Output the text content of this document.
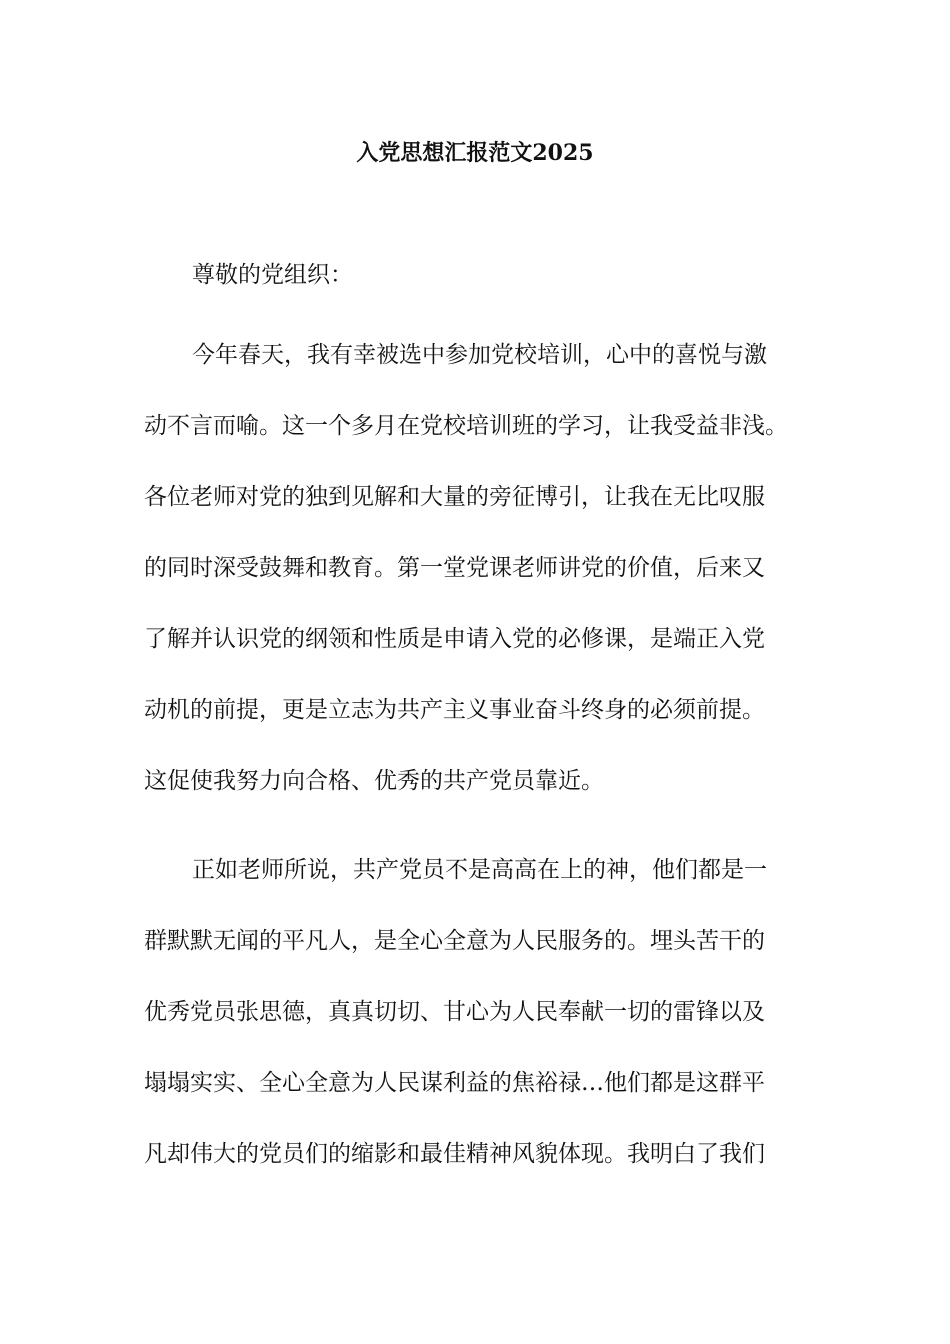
入党思想汇报范文2025
尊敬的党组织：
今年春天，我有幸被选中参加党校培训，心中的喜悦与激
动不言而喻。这一个多月在党校培训班的学习，让我受益非浅。
各位老师对党的独到见解和大量的旁征博引，让我在无比叹服
的同时深受鼓舞和教育。第一堂党课老师讲党的价值，后来又
了解并认识党的纲领和性质是申请入党的必修课，是端正入党
动机的前提，更是立志为共产主义事业奋斗终身的必须前提。
这促使我努力向合格、优秀的共产党员靠近。
正如老师所说，共产党员不是高高在上的神，他们都是一
群默默无闻的平凡人，是全心全意为人民服务的。埋头苦干的
优秀党员张思德，真真切切、甘心为人民奉献一切的雷锋以及
塌塌实实、全心全意为人民谋利益的焦裕禄…他们都是这群平
凡却伟大的党员们的缩影和最佳精神风貌体现。我明白了我们
